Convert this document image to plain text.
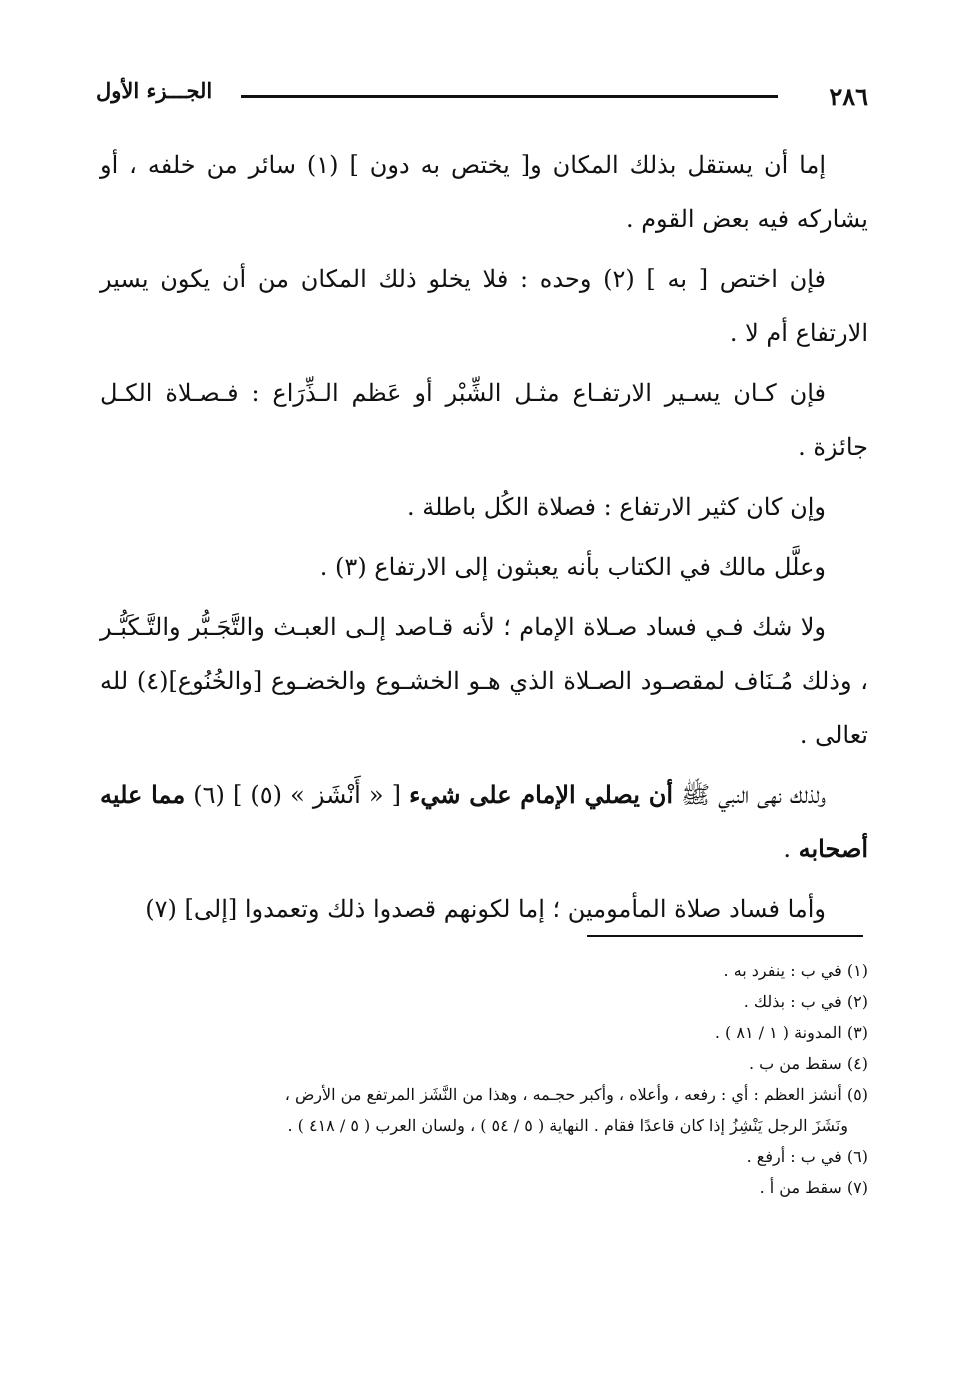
٢٨٦
الجـــزء الأول

إما أن يستقل بذلك المكان و[ يختص به دون ] (١) سائر من خلفه ، أو يشاركه فيه بعض القوم .

فإن اختص [ به ] (٢) وحده : فلا يخلو ذلك المكان من أن يكون يسير الارتفاع أم لا .

فإن كـان يسـير الارتفـاع مثـل الشِّبْر أو عَظم الـذِّرَاع : فـصـلاة الكـل جائزة .

وإن كان كثير الارتفاع : فصلاة الكُل باطلة .

وعلَّل مالك في الكتاب بأنه يعبثون إلى الارتفاع (٣) .

ولا شك فـي فساد صـلاة الإمام ؛ لأنه قـاصد إلـى العبـث والتَّجَـبُّر والتَّـكَبُّـر ، وذلك مُـنَاف لمقصـود الصـلاة الذي هـو الخشـوع والخضـوع [والخُنُوع](٤) لله تعالى .

ولذلك نهى النبي ﷺ أن يصلي الإمام على شيء [ « أَنْشَز » (٥) ] (٦) مما عليه أصحابه .

وأما فساد صلاة المأمومين ؛ إما لكونهم قصدوا ذلك وتعمدوا [إلى] (٧)

(١) في ب : ينفرد به .

(٢) في ب : بذلك .

(٣) المدونة ( ١ / ٨١ ) .

(٤) سقط من ب .

(٥) أنشز العظم : أي : رفعه ، وأعلاه ، وأكبر حجـمه ، وهذا من النَّشَز المرتفع من الأرض ،

ونَشَزَ الرجل يَنْشِزُ إذا كان قاعدًا فقام . النهاية ( ٥ / ٥٤ ) ، ولسان العرب ( ٥ / ٤١٨ ) .

(٦) في ب : أرفع .

(٧) سقط من أ .
